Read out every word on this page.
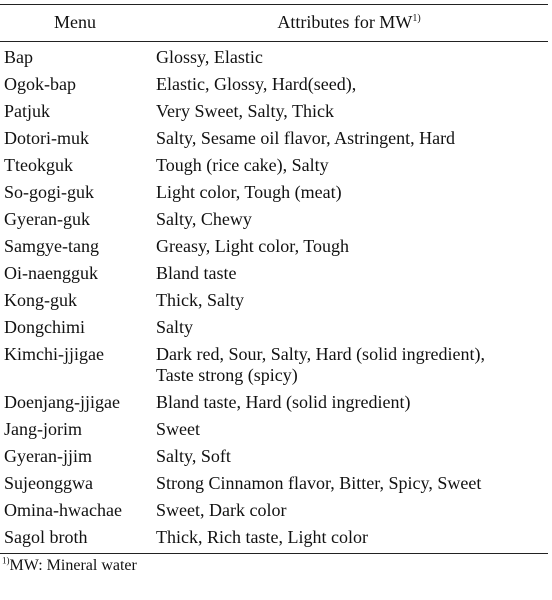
Menu	Attributes for MW$^{1)}$
Bap	Glossy, Elastic

Ogok-bap	Elastic, Glossy, Hard(seed),

Patjuk	Very Sweet, Salty, Thick

Dotori-muk	Salty, Sesame oil flavor, Astringent, Hard

Tteokguk	Tough (rice cake), Salty

So-gogi-guk	Light color, Tough (meat)

Gyeran-guk	Salty, Chewy

Samgye-tang	Greasy, Light color, Tough

Oi-naengguk	Bland taste

Kong-guk	Thick, Salty

Dongchimi	Salty

Kimchi-jjigae	Dark red, Sour, Salty, Hard (solid ingredient),
Taste strong (spicy)

Doenjang-jjigae	Bland taste, Hard (solid ingredient)

Jang-jorim	Sweet

Gyeran-jjim	Salty, Soft

Sujeonggwa	Strong Cinnamon flavor, Bitter, Spicy, Sweet

Omina-hwachae	Sweet, Dark color

Sagol broth	Thick, Rich taste, Light color
$^{1)}$MW: Mineral water
